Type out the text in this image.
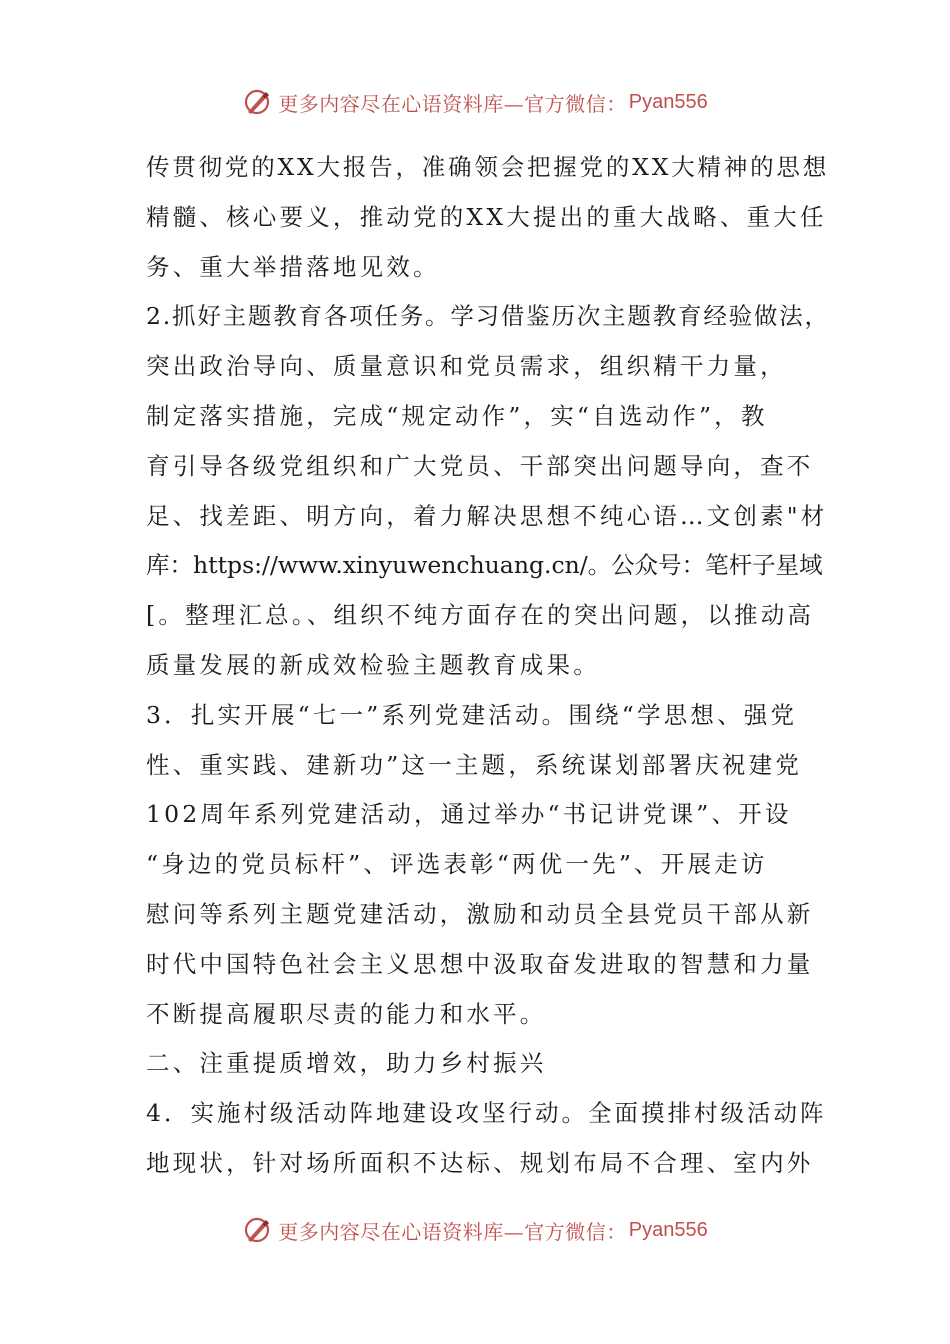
更多内容尽在心语资料库—官方微信： Pyan556
传贯彻党的XX大报告，准确领会把握党的XX大精神的思想
精髓、核心要义，推动党的XX大提出的重大战略、重大任
务、重大举措落地见效。
2.抓好主题教育各项任务。学习借鉴历次主题教育经验做法，
突出政治导向、质量意识和党员需求，组织精干力量，
制定落实措施，完成“规定动作”，实“自选动作”，教
育引导各级党组织和广大党员、干部突出问题导向，查不
足、找差距、明方向，着力解决思想不纯心语…文创素"材
库：https://www.xinyuwenchuang.cn/。公众号：笔杆子星域
[。整理汇总。、组织不纯方面存在的突出问题，以推动高
质量发展的新成效检验主题教育成果。
3．扎实开展“七一”系列党建活动。围绕“学思想、强党
性、重实践、建新功”这一主题，系统谋划部署庆祝建党
102周年系列党建活动，通过举办“书记讲党课”、开设
“身边的党员标杆”、评选表彰“两优一先”、开展走访
慰问等系列主题党建活动，激励和动员全县党员干部从新
时代中国特色社会主义思想中汲取奋发进取的智慧和力量
不断提高履职尽责的能力和水平。
二、注重提质增效，助力乡村振兴
4．实施村级活动阵地建设攻坚行动。全面摸排村级活动阵
地现状，针对场所面积不达标、规划布局不合理、室内外
更多内容尽在心语资料库—官方微信： Pyan556
